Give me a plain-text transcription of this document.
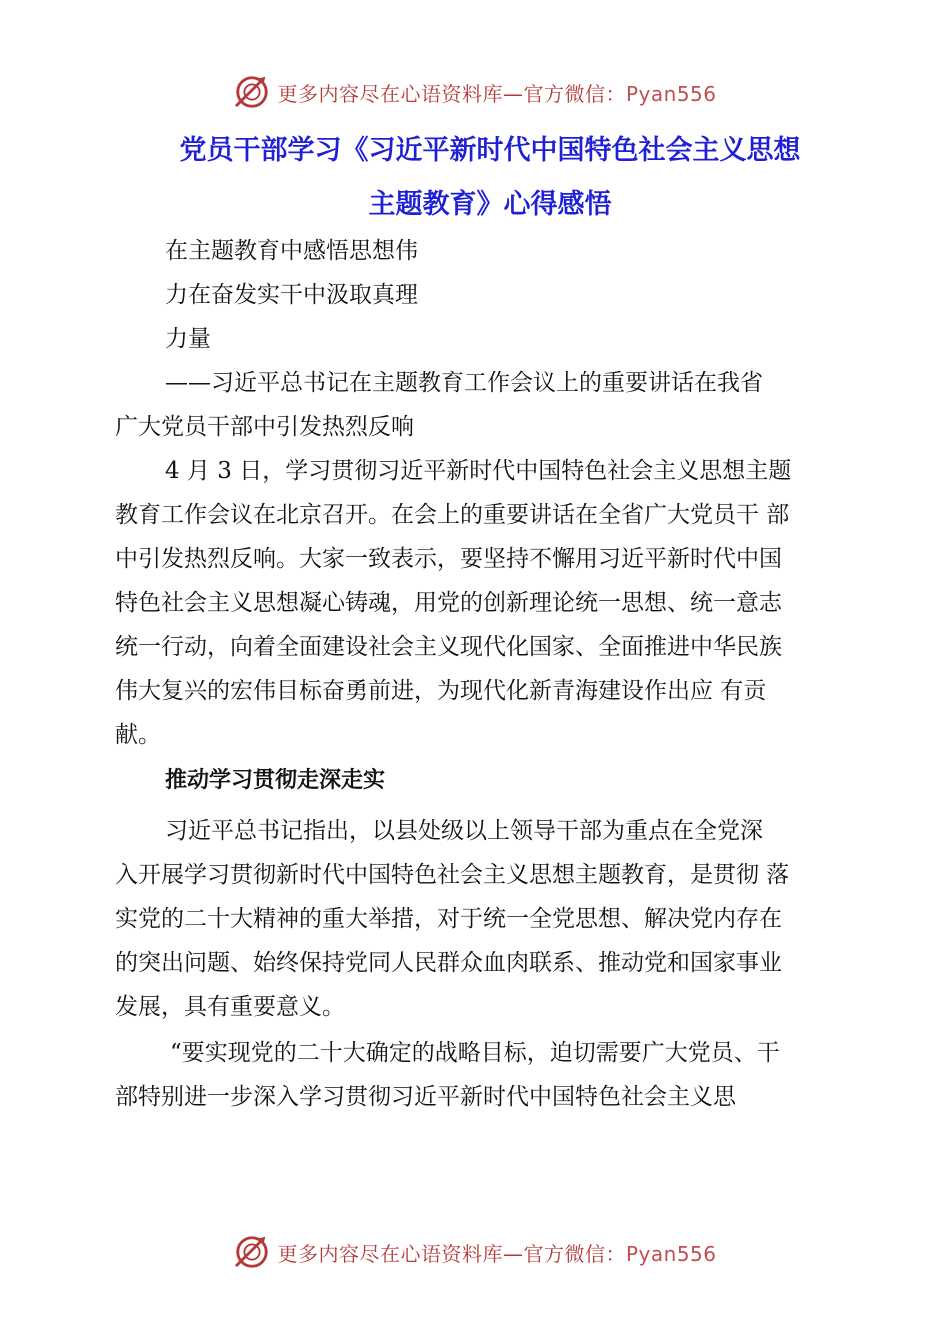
更多内容尽在心语资料库—官方微信：Pyan556
党员干部学习《习近平新时代中国特色社会主义思想
主题教育》心得感悟
在主题教育中感悟思想伟
力在奋发实干中汲取真理
力量
——习近平总书记在主题教育工作会议上的重要讲话在我省
广大党员干部中引发热烈反响
4 月 3 日，学习贯彻习近平新时代中国特色社会主义思想主题
教育工作会议在北京召开。在会上的重要讲话在全省广大党员干 部
中引发热烈反响。大家一致表示，要坚持不懈用习近平新时代中国
特色社会主义思想凝心铸魂，用党的创新理论统一思想、统一意志
统一行动，向着全面建设社会主义现代化国家、全面推进中华民族
伟大复兴的宏伟目标奋勇前进，为现代化新青海建设作出应 有贡
献。
推动学习贯彻走深走实
习近平总书记指出，以县处级以上领导干部为重点在全党深
入开展学习贯彻新时代中国特色社会主义思想主题教育，是贯彻 落
实党的二十大精神的重大举措，对于统一全党思想、解决党内存在
的突出问题、始终保持党同人民群众血肉联系、推动党和国家事业
发展，具有重要意义。
“要实现党的二十大确定的战略目标，迫切需要广大党员、干
部特别进一步深入学习贯彻习近平新时代中国特色社会主义思
更多内容尽在心语资料库—官方微信：Pyan556
